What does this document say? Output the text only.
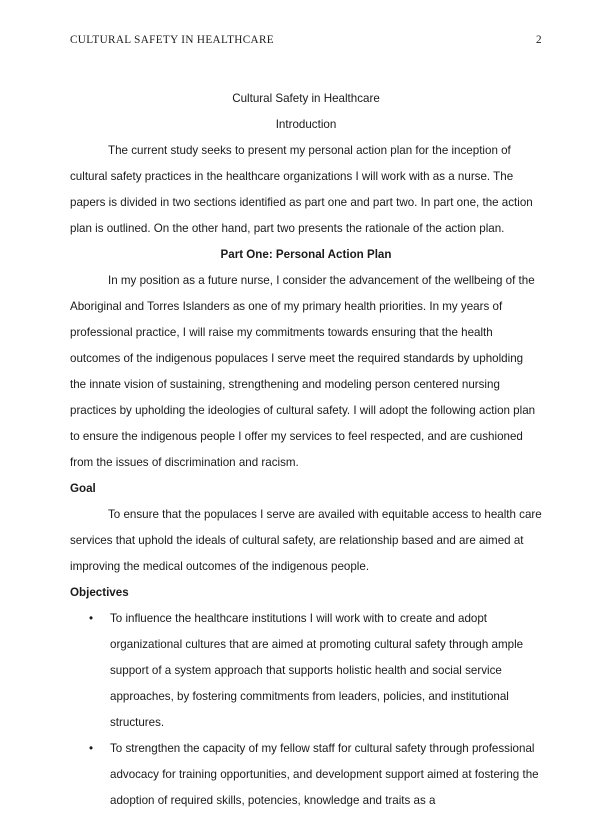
CULTURAL SAFETY IN HEALTHCARE	2
Cultural Safety in Healthcare
Introduction

The current study seeks to present my personal action plan for the inception of cultural safety practices in the healthcare organizations I will work with as a nurse. The papers is divided in two sections identified as part one and part two. In part one, the action plan is outlined. On the other hand, part two presents the rationale of the action plan.

Part One: Personal Action Plan

In my position as a future nurse, I consider the advancement of the wellbeing of the Aboriginal and Torres Islanders as one of my primary health priorities. In my years of professional practice, I will raise my commitments towards ensuring that the health outcomes of the indigenous populaces I serve meet the required standards by upholding the innate vision of sustaining, strengthening and modeling person centered nursing practices by upholding the ideologies of cultural safety. I will adopt the following action plan to ensure the indigenous people I offer my services to feel respected, and are cushioned from the issues of discrimination and racism.

Goal

To ensure that the populaces I serve are availed with equitable access to health care services that uphold the ideals of cultural safety, are relationship based and are aimed at improving the medical outcomes of the indigenous people.

Objectives
• To influence the healthcare institutions I will work with to create and adopt organizational cultures that are aimed at promoting cultural safety through ample support of a system approach that supports holistic health and social service approaches, by fostering commitments from leaders, policies, and institutional structures.
• To strengthen the capacity of my fellow staff for cultural safety through professional advocacy for training opportunities, and development support aimed at fostering the adoption of required skills, potencies, knowledge and traits as a
